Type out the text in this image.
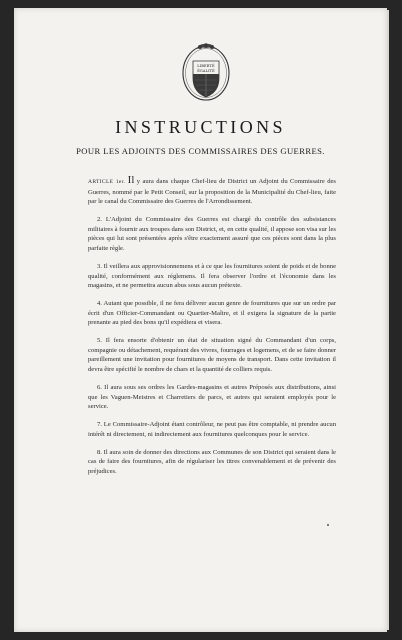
LIBERTÉ
ÉGALITÉ
INSTRUCTIONS
POUR LES ADJOINTS DES COMMISSAIRES DES GUERRES.

ARTICLE 1er. Il y aura dans chaque Chef-lieu de District un Adjoint du Commissaire des Guerres, nommé par le Petit Conseil, sur la proposition de la Municipalité du Chef-lieu, faite par le canal du Commissaire des Guerres de l'Arrondissement.

2. L'Adjoint du Commissaire des Guerres est chargé du contrôle des subsistances militaires à fournir aux troupes dans son District, et, en cette qualité, il appose son visa sur les pièces qui lui sont présentées après s'être exactement assuré que ces pièces sont dans la plus parfaite règle.

3. Il veillera aux approvisionnemens et à ce que les fournitures soient de poids et de bonne qualité, conformément aux réglemens. Il fera observer l'ordre et l'économie dans les magasins, et ne permettra aucun abus sous aucun prétexte.

4. Autant que possible, il ne fera délivrer aucun genre de fournitures que sur un ordre par écrit d'un Officier-Commandant ou Quartier-Maître, et il exigera la signature de la partie prenante au pied des bons qu'il expédiera et visera.

5. Il fera ensorte d'obtenir un état de situation signé du Commandant d'un corps, compagnie ou détachement, requérant des vivres, fourrages et logemens, et de se faire donner pareillement une invitation pour fournitures de moyens de transport. Dans cette invitation il devra être spécifié le nombre de chars et la quantité de colliers requis.

6. Il aura sous ses ordres les Gardes-magasins et autres Préposés aux distributions, ainsi que les Vaguen-Meistres et Charretiers de parcs, et autres qui seraient employés pour le service.

7. Le Commissaire-Adjoint étant contrôleur, ne peut pas être comptable, ni prendre aucun intérêt ni directement, ni indirectement aux fournitures quelconques pour le service.

8. Il aura soin de donner des directions aux Communes de son District qui seraient dans le cas de faire des fournitures, afin de régulariser les titres convenablement et de prévenir des préjudices.
